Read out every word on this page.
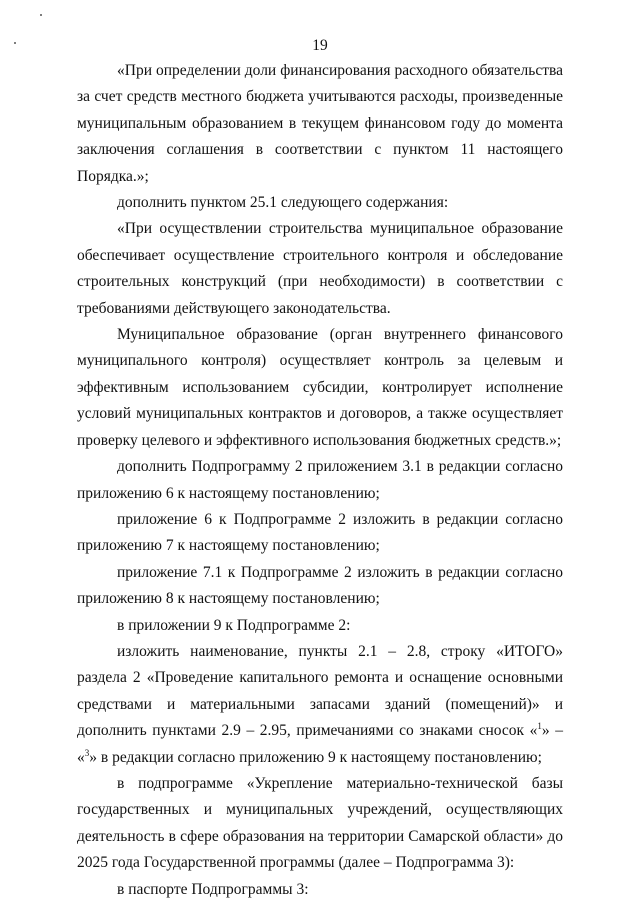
19

«При определении доли финансирования расходного обязательства за счет средств местного бюджета учитываются расходы, произведенные муниципальным образованием в текущем финансовом году до момента заключения соглашения в соответствии с пунктом 11 настоящего Порядка.»;

дополнить пунктом 25.1 следующего содержания:

«При осуществлении строительства муниципальное образование обеспечивает осуществление строительного контроля и обследование строительных конструкций (при необходимости) в соответствии с требованиями действующего законодательства.

Муниципальное образование (орган внутреннего финансового муниципального контроля) осуществляет контроль за целевым и эффективным использованием субсидии, контролирует исполнение условий муниципальных контрактов и договоров, а также осуществляет проверку целевого и эффективного использования бюджетных средств.»;

дополнить Подпрограмму 2 приложением 3.1 в редакции согласно приложению 6 к настоящему постановлению;

приложение 6 к Подпрограмме 2 изложить в редакции согласно приложению 7 к настоящему постановлению;

приложение 7.1 к Подпрограмме 2 изложить в редакции согласно приложению 8 к настоящему постановлению;

в приложении 9 к Подпрограмме 2:

изложить наименование, пункты 2.1 – 2.8, строку «ИТОГО» раздела 2 «Проведение капитального ремонта и оснащение основными средствами и материальными запасами зданий (помещений)» и дополнить пунктами 2.9 – 2.95, примечаниями со знаками сносок «$^1$» – «$^3$» в редакции согласно приложению 9 к настоящему постановлению;

в подпрограмме «Укрепление материально-технической базы государственных и муниципальных учреждений, осуществляющих деятельность в сфере образования на территории Самарской области» до 2025 года Государственной программы (далее – Подпрограмма 3):

в паспорте Подпрограммы 3:
